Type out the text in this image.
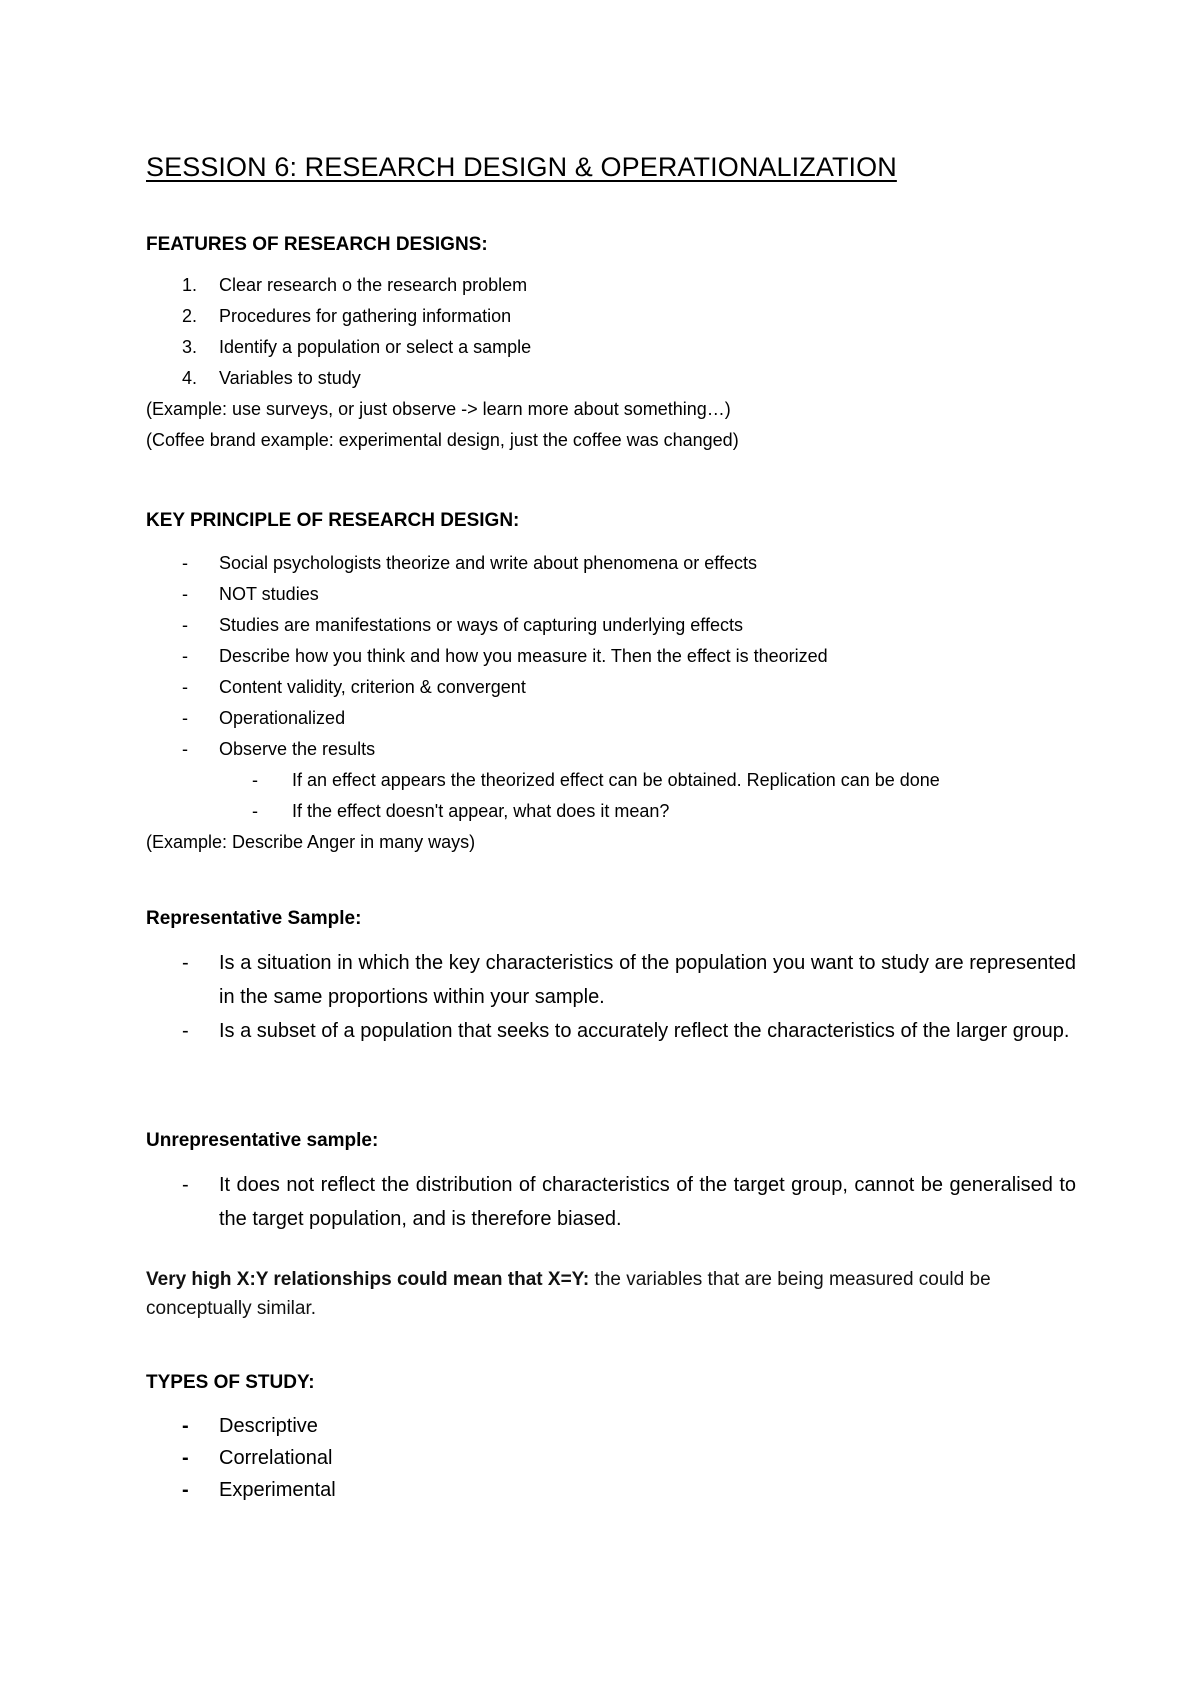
SESSION 6: RESEARCH DESIGN & OPERATIONALIZATION
FEATURES OF RESEARCH DESIGNS:
1.	Clear research o the research problem
2.	Procedures for gathering information
3.	Identify a population or select a sample
4.	Variables to study
(Example: use surveys, or just observe -> learn more about something…)
(Coffee brand example: experimental design, just the coffee was changed)
KEY PRINCIPLE OF RESEARCH DESIGN:
-	Social psychologists theorize and write about phenomena or effects
-	NOT studies
-	Studies are manifestations or ways of capturing underlying effects
-	Describe how you think and how you measure it. Then the effect is theorized
-	Content validity, criterion & convergent
-	Operationalized
-	Observe the results
-	If an effect appears the theorized effect can be obtained. Replication can be done
-	If the effect doesn't appear, what does it mean?
(Example: Describe Anger in many ways)
Representative Sample:
-	Is a situation in which the key characteristics of the population you want to study are represented in the same proportions within your sample.
-	Is a subset of a population that seeks to accurately reflect the characteristics of the larger group.
Unrepresentative sample:
-	It does not reflect the distribution of characteristics of the target group, cannot be generalised to the target population, and is therefore biased.
Very high X:Y relationships could mean that X=Y: the variables that are being measured could be conceptually similar.
TYPES OF STUDY:
-	Descriptive
-	Correlational
-	Experimental
